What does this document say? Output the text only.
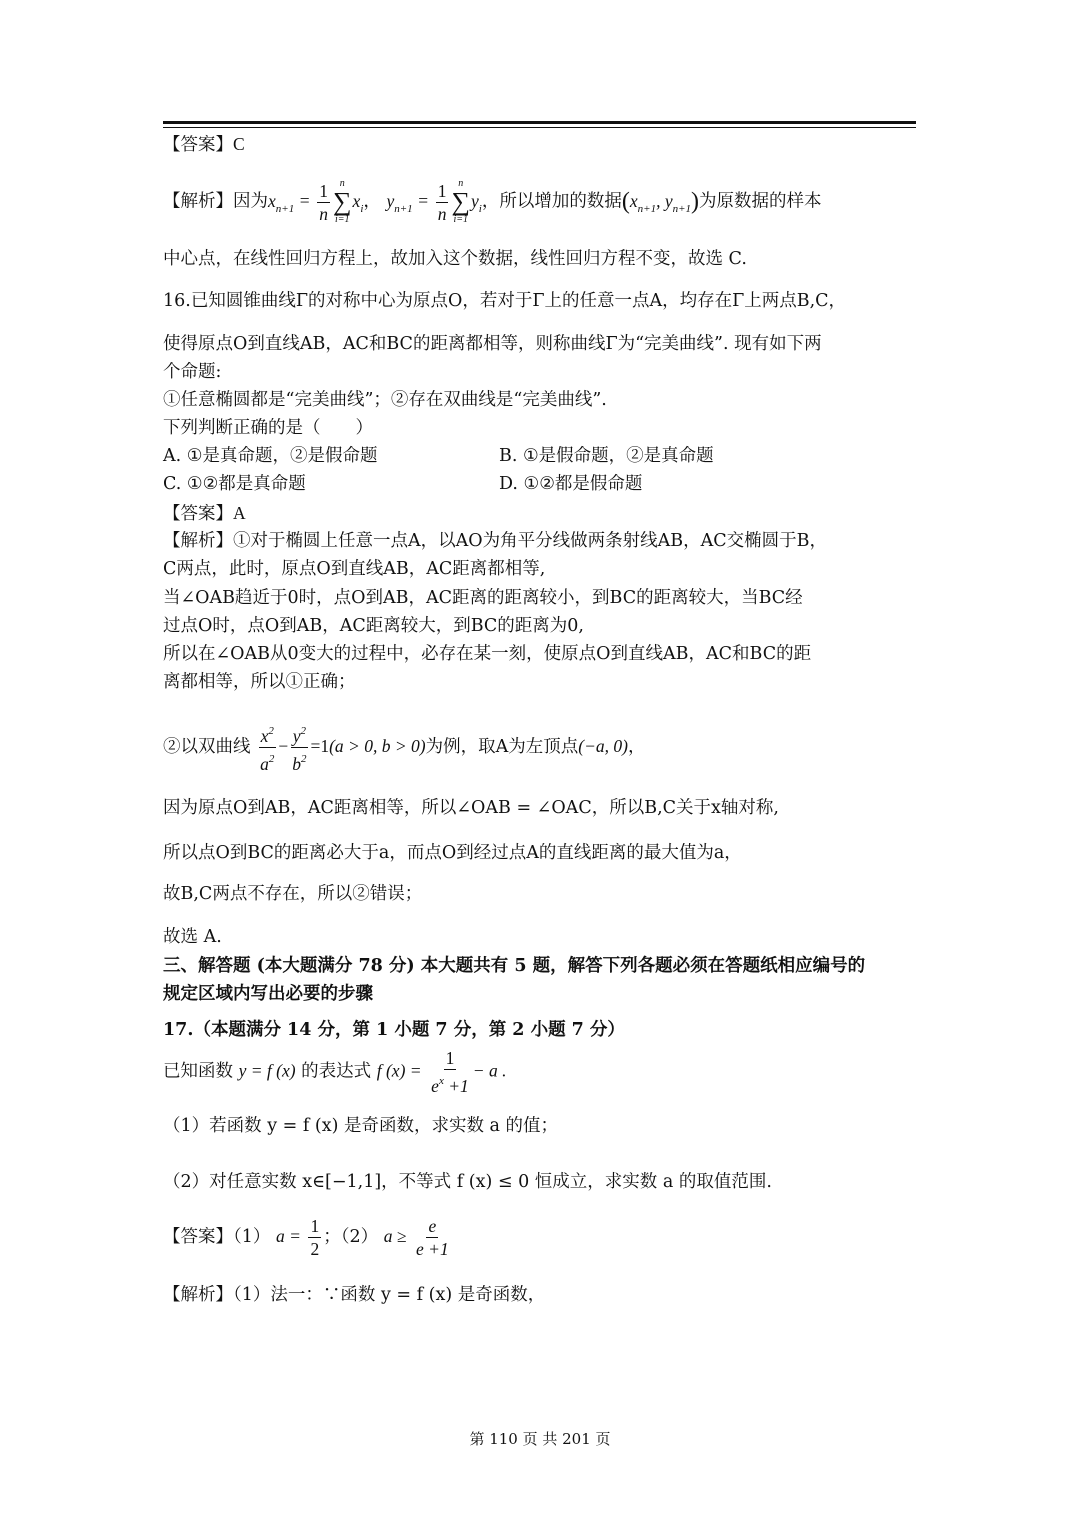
【答案】C
【解析】因为$x_{n+1} = \frac{1}{n}$ n
∑
i=1
$x_i$， $y_{n+1} = \frac{1}{n}$ n
∑
i=1
$y_i$，所以增加的数据($x_{n+1}$, $y_{n+1}$)为原数据的样本
中心点，在线性回归方程上，故加入这个数据，线性回归方程不变，故选 C.
16.已知圆锥曲线Γ的对称中心为原点O，若对于Γ上的任意一点A，均存在Γ上两点B,C，
使得原点O到直线AB，AC和BC的距离都相等，则称曲线Γ为“完美曲线”. 现有如下两
个命题:
①任意椭圆都是“完美曲线”；②存在双曲线是“完美曲线”.
下列判断正确的是（　　）
A. ①是真命题，②是假命题	B. ①是假命题，②是真命题
C. ①②都是真命题	D. ①②都是假命题
【答案】A
【解析】①对于椭圆上任意一点A，以AO为角平分线做两条射线AB，AC交椭圆于B，
C两点，此时，原点O到直线AB，AC距离都相等,
当∠OAB趋近于0时，点O到AB，AC距离的距离较小，到BC的距离较大，当BC经
过点O时，点O到AB，AC距离较大，到BC的距离为0,
所以在∠OAB从0变大的过程中，必存在某一刻，使原点O到直线AB，AC和BC的距
离都相等，所以①正确；
②以双曲线 $\frac{x^2}{a^2} - \frac{y^2}{b^2} =1(a > 0$, b > 0)为例，取A为左顶点(−a, 0)，
因为原点O到AB，AC距离相等，所以∠OAB = ∠OAC，所以B,C关于x轴对称,
所以点O到BC的距离必大于a，而点O到经过点A的直线距离的最大值为a，
故B,C两点不存在，所以②错误；
故选 A.
三、解答题 (本大题满分 78 分) 本大题共有 5 题，解答下列各题必须在答题纸相应编号的
规定区域内写出必要的步骤
17.（本题满分 14 分，第 1 小题 7 分，第 2 小题 7 分）
已知函数 y = f (x) 的表达式 f $(x) = \frac{1}{e^x +1} - a$ .
（1）若函数 y = f (x) 是奇函数，求实数 a 的值；
（2）对任意实数 x∈[−1,1]，不等式 f (x) ≤ 0 恒成立，求实数 a 的取值范围.
【答案】（1） $a = \frac{1}{2}$ ；（2） $a \ge \frac{e}{e +1}$
【解析】（1）法一：∵函数 y = f (x) 是奇函数，
第 110 页 共 201 页
